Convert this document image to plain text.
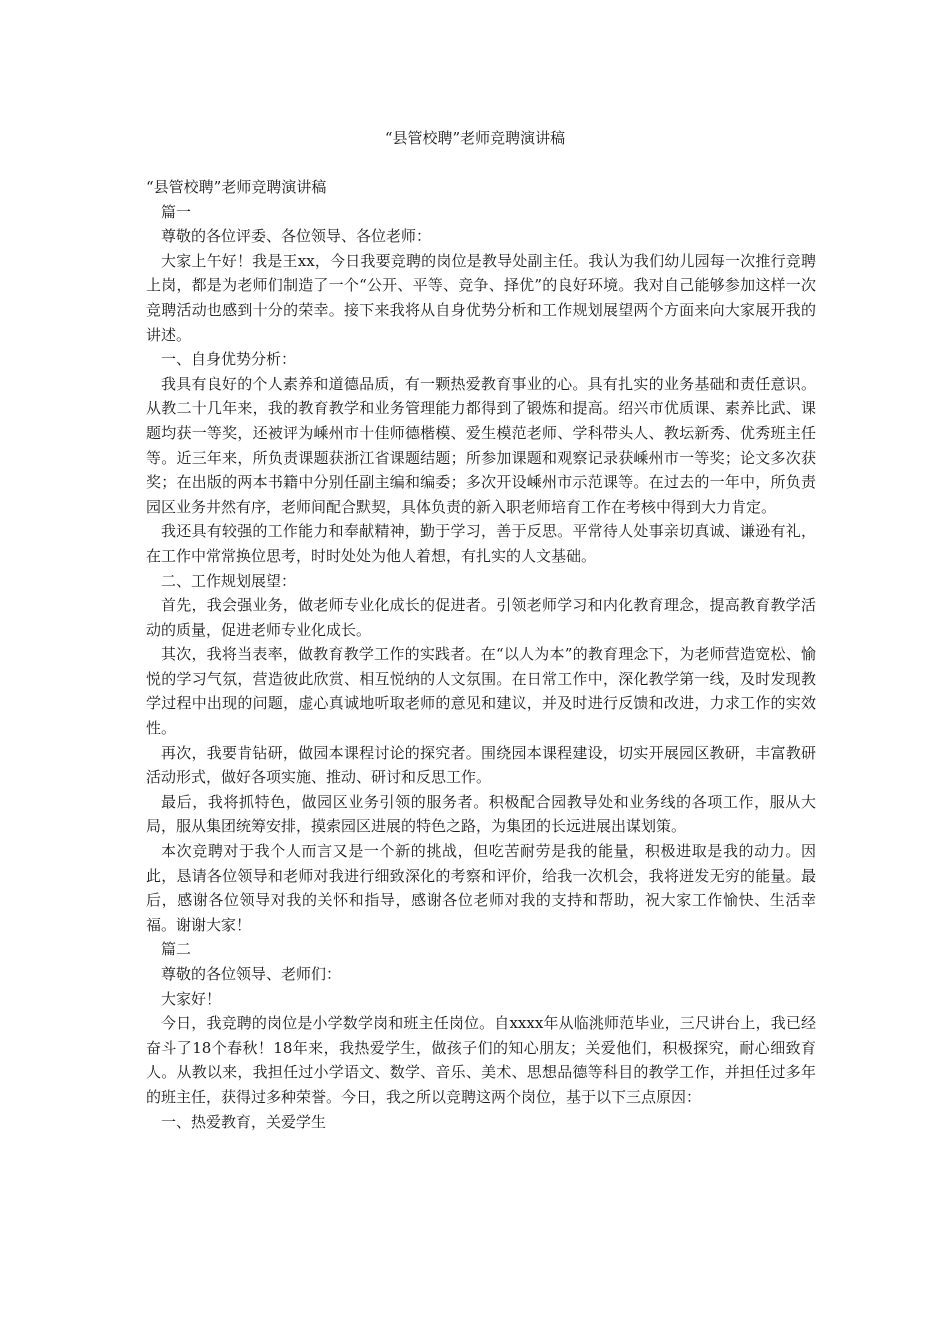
“县管校聘”老师竞聘演讲稿

“县管校聘”老师竞聘演讲稿

篇一

尊敬的各位评委、各位领导、各位老师：

大家上午好！我是王xx，今日我要竞聘的岗位是教导处副主任。我认为我们幼儿园每一次推行竞聘上岗，都是为老师们制造了一个“公开、平等、竞争、择优”的良好环境。我对自己能够参加这样一次竞聘活动也感到十分的荣幸。接下来我将从自身优势分析和工作规划展望两个方面来向大家展开我的讲述。

一、自身优势分析：

我具有良好的个人素养和道德品质，有一颗热爱教育事业的心。具有扎实的业务基础和责任意识。从教二十几年来，我的教育教学和业务管理能力都得到了锻炼和提高。绍兴市优质课、素养比武、课题均获一等奖，还被评为嵊州市十佳师德楷模、爱生模范老师、学科带头人、教坛新秀、优秀班主任等。近三年来，所负责课题获浙江省课题结题；所参加课题和观察记录获嵊州市一等奖；论文多次获奖；在出版的两本书籍中分别任副主编和编委；多次开设嵊州市示范课等。在过去的一年中，所负责园区业务井然有序，老师间配合默契，具体负责的新入职老师培育工作在考核中得到大力肯定。

我还具有较强的工作能力和奉献精神，勤于学习，善于反思。平常待人处事亲切真诚、谦逊有礼，在工作中常常换位思考，时时处处为他人着想，有扎实的人文基础。

二、工作规划展望：

首先，我会强业务，做老师专业化成长的促进者。引领老师学习和内化教育理念，提高教育教学活动的质量，促进老师专业化成长。

其次，我将当表率，做教育教学工作的实践者。在“以人为本”的教育理念下，为老师营造宽松、愉悦的学习气氛，营造彼此欣赏、相互悦纳的人文氛围。在日常工作中，深化教学第一线，及时发现教学过程中出现的问题，虚心真诚地听取老师的意见和建议，并及时进行反馈和改进，力求工作的实效性。

再次，我要肯钻研，做园本课程讨论的探究者。围绕园本课程建设，切实开展园区教研，丰富教研活动形式，做好各项实施、推动、研讨和反思工作。

最后，我将抓特色，做园区业务引领的服务者。积极配合园教导处和业务线的各项工作，服从大局，服从集团统筹安排，摸索园区进展的特色之路，为集团的长远进展出谋划策。

本次竞聘对于我个人而言又是一个新的挑战，但吃苦耐劳是我的能量，积极进取是我的动力。因此，恳请各位领导和老师对我进行细致深化的考察和评价，给我一次机会，我将迸发无穷的能量。最后，感谢各位领导对我的关怀和指导，感谢各位老师对我的支持和帮助，祝大家工作愉快、生活幸福。谢谢大家！

篇二

尊敬的各位领导、老师们：

大家好！

今日，我竞聘的岗位是小学数学岗和班主任岗位。自xxxx年从临洮师范毕业，三尺讲台上，我已经奋斗了18个春秋！18年来，我热爱学生，做孩子们的知心朋友；关爱他们，积极探究，耐心细致育人。从教以来，我担任过小学语文、数学、音乐、美术、思想品德等科目的教学工作，并担任过多年的班主任，获得过多种荣誉。今日，我之所以竞聘这两个岗位，基于以下三点原因：

一、热爱教育，关爱学生
